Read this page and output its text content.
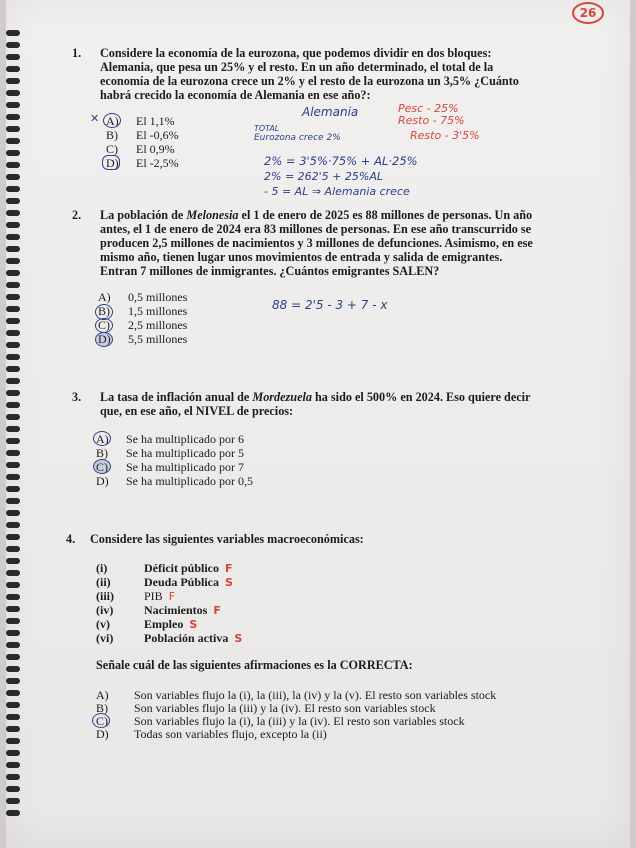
26
1. Considere la economía de la eurozona, que podemos dividir en dos bloques: Alemania, que pesa un 25% y el resto. En un año determinado, el total de la economía de la eurozona crece un 2% y el resto de la eurozona un 3,5% ¿Cuánto habrá crecido la economía de Alemania en ese año?:
A) El 1,1%
B)	El -0,6%
C)	El 0,9%
D) El -2,5%
✕	Alemania	Pesc - 25%
Resto - 75%
TOTAL
Eurozona crece 2%	Resto - 3'5%
2% = 3'5%·75% + AL·25%
2% = 262'5 + 25%AL
- 5 = AL ⇒ Alemania crece
2. La población de Melonesia el 1 de enero de 2025 es 88 millones de personas. Un año antes, el 1 de enero de 2024 era 83 millones de personas. En ese año transcurrido se producen 2,5 millones de nacimientos y 3 millones de defunciones. Asimismo, en ese mismo año, tienen lugar unos movimientos de entrada y salida de emigrantes. Entran 7 millones de inmigrantes. ¿Cuántos emigrantes SALEN?
A) 0,5 millones
B)	1,5 millones
C)	2,5 millones
D) 5,5 millones
88 = 2'5 - 3 + 7 - x
3. La tasa de inflación anual de Mordezuela ha sido el 500% en 2024. Eso quiere decir que, en ese año, el NIVEL de precios:
A) Se ha multiplicado por 6
B)	Se ha multiplicado por 5
C)	Se ha multiplicado por 7
D) Se ha multiplicado por 0,5
4. Considere las siguientes variables macroeconómicas:
(i)	Déficit público F
(ii)	Deuda Pública S
(iii)	PIB F
(iv)	Nacimientos F
(v)	Empleo S
(vi)	Población activa S
Señale cuál de las siguientes afirmaciones es la CORRECTA:
A) Son variables flujo la (i), la (iii), la (iv) y la (v). El resto son variables stock
B)	Son variables flujo la (iii) y la (iv). El resto son variables stock
C)	Son variables flujo la (i), la (iii) y la (iv). El resto son variables stock
D) Todas son variables flujo, excepto la (ii)
